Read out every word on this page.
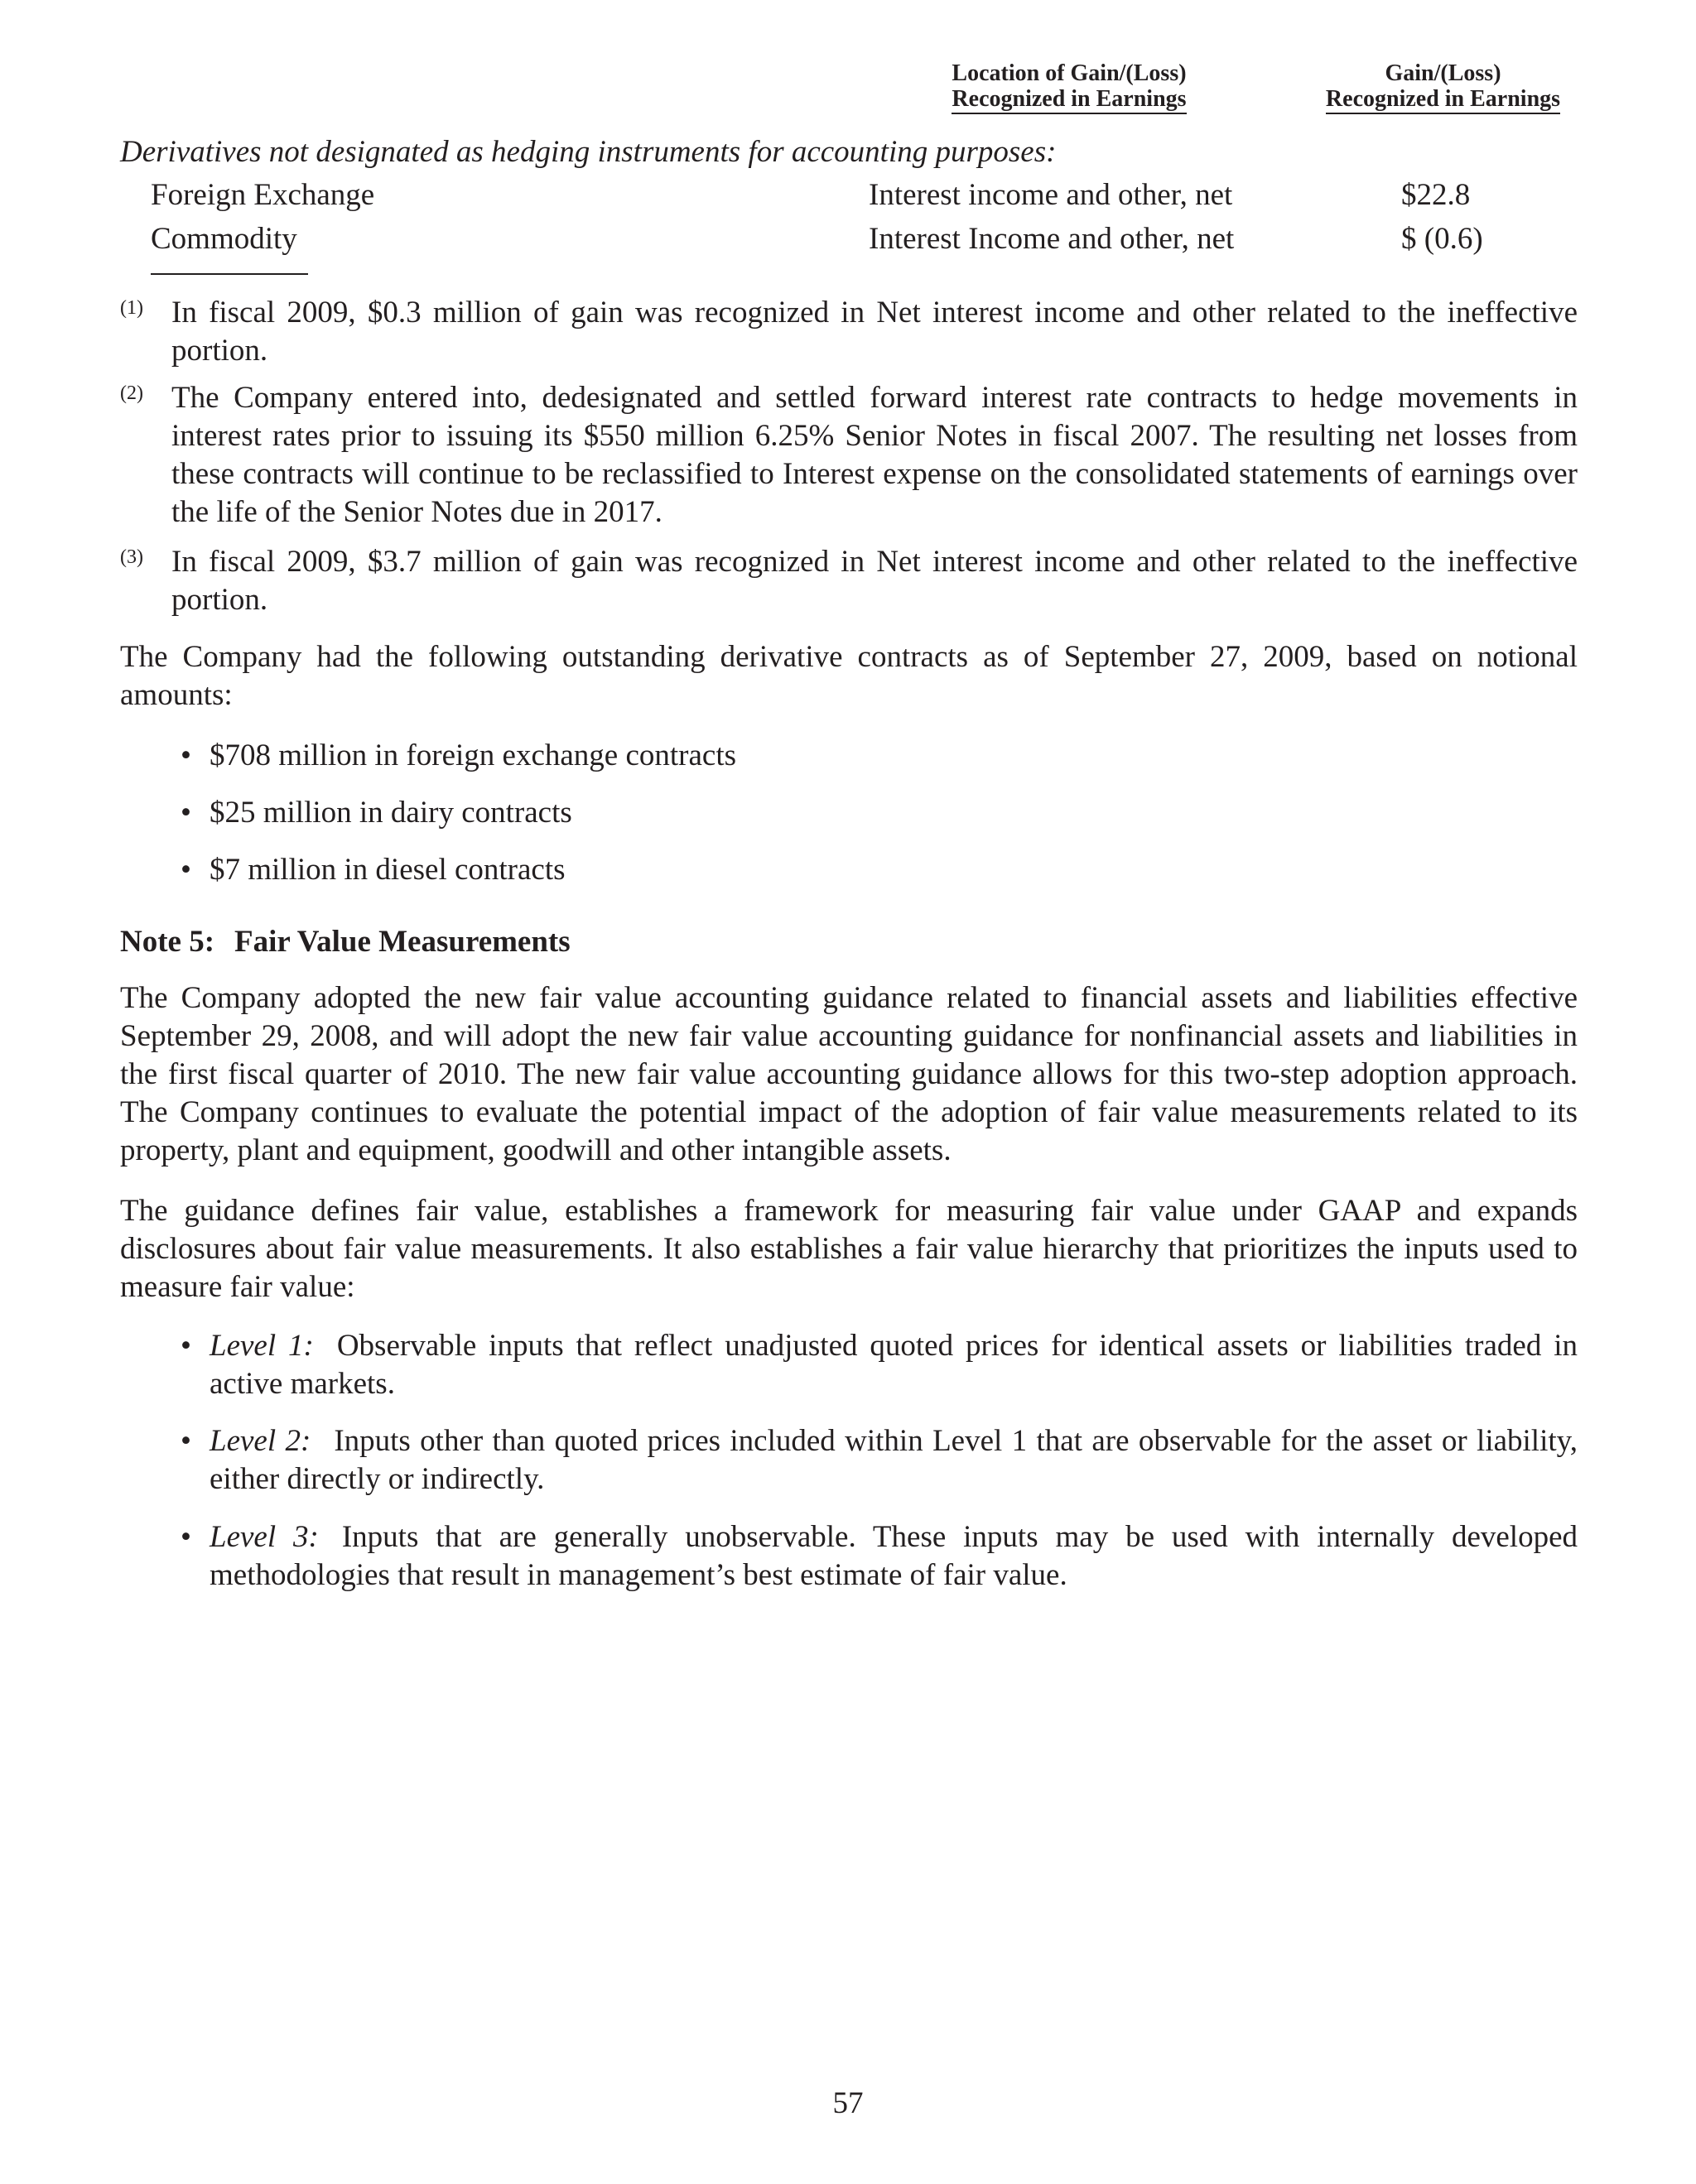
Location of Gain/(Loss)
Recognized in Earnings
Gain/(Loss)
Recognized in Earnings
Derivatives not designated as hedging instruments for accounting purposes:
Foreign Exchange	Interest income and other, net	$22.8
Commodity	Interest Income and other, net	$ (0.6)
(1) In fiscal 2009, $0.3 million of gain was recognized in Net interest income and other related to the ineffective portion.
(2) The Company entered into, dedesignated and settled forward interest rate contracts to hedge movements in interest rates prior to issuing its $550 million 6.25% Senior Notes in fiscal 2007. The resulting net losses from these contracts will continue to be reclassified to Interest expense on the consolidated statements of earnings over the life of the Senior Notes due in 2017.
(3) In fiscal 2009, $3.7 million of gain was recognized in Net interest income and other related to the ineffective portion.
The Company had the following outstanding derivative contracts as of September 27, 2009, based on notional amounts:
• $708 million in foreign exchange contracts
• $25 million in dairy contracts
• $7 million in diesel contracts
Note 5: Fair Value Measurements
The Company adopted the new fair value accounting guidance related to financial assets and liabilities effective September 29, 2008, and will adopt the new fair value accounting guidance for nonfinancial assets and liabilities in the first fiscal quarter of 2010. The new fair value accounting guidance allows for this two-step adoption approach. The Company continues to evaluate the potential impact of the adoption of fair value measurements related to its property, plant and equipment, goodwill and other intangible assets.
The guidance defines fair value, establishes a framework for measuring fair value under GAAP and expands disclosures about fair value measurements. It also establishes a fair value hierarchy that prioritizes the inputs used to measure fair value:
• Level 1: Observable inputs that reflect unadjusted quoted prices for identical assets or liabilities traded in active markets.
• Level 2: Inputs other than quoted prices included within Level 1 that are observable for the asset or liability, either directly or indirectly.
• Level 3: Inputs that are generally unobservable. These inputs may be used with internally developed methodologies that result in management’s best estimate of fair value.
57
